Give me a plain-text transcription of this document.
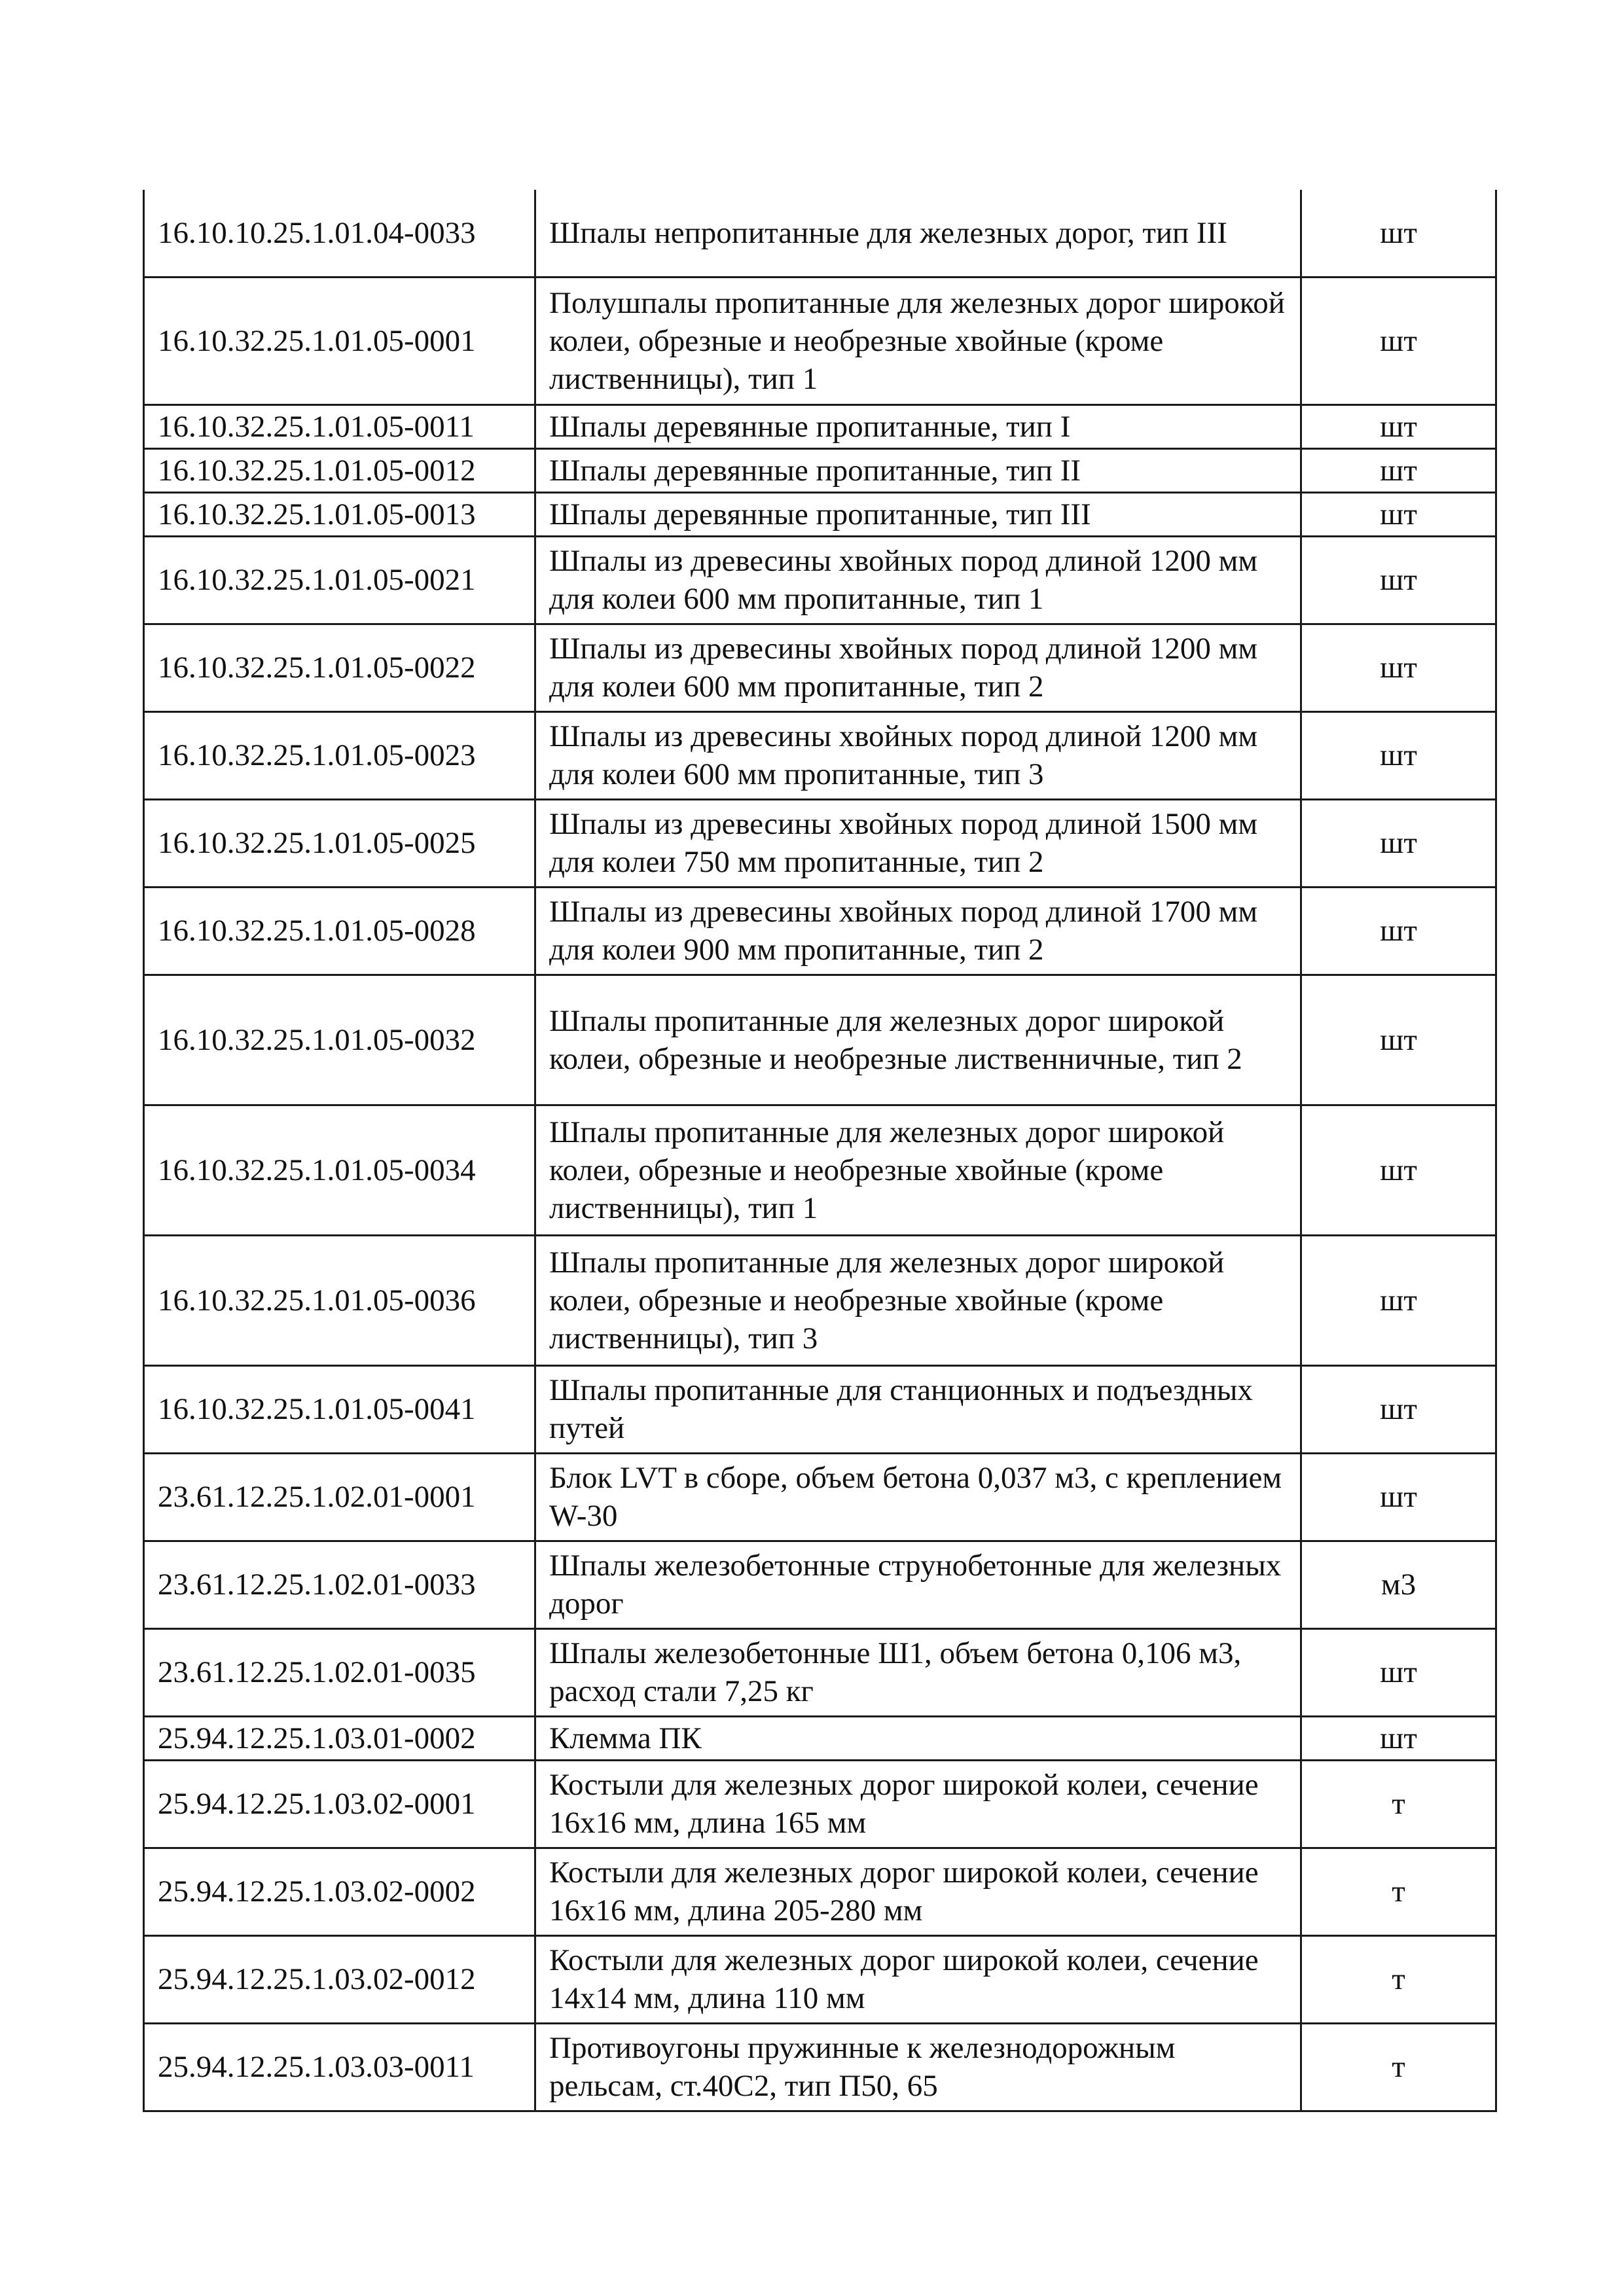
16.10.10.25.1.01.04-0033	Шпалы непропитанные для железных дорог, тип III	шт
16.10.32.25.1.01.05-0001	Полушпалы пропитанные для железных дорог широкой колеи, обрезные и необрезные хвойные (кроме лиственницы), тип 1	шт
16.10.32.25.1.01.05-0011	Шпалы деревянные пропитанные, тип I	шт
16.10.32.25.1.01.05-0012	Шпалы деревянные пропитанные, тип II	шт
16.10.32.25.1.01.05-0013	Шпалы деревянные пропитанные, тип III	шт
16.10.32.25.1.01.05-0021	Шпалы из древесины хвойных пород длиной 1200 мм для колеи 600 мм пропитанные, тип 1	шт
16.10.32.25.1.01.05-0022	Шпалы из древесины хвойных пород длиной 1200 мм для колеи 600 мм пропитанные, тип 2	шт
16.10.32.25.1.01.05-0023	Шпалы из древесины хвойных пород длиной 1200 мм для колеи 600 мм пропитанные, тип 3	шт
16.10.32.25.1.01.05-0025	Шпалы из древесины хвойных пород длиной 1500 мм для колеи 750 мм пропитанные, тип 2	шт
16.10.32.25.1.01.05-0028	Шпалы из древесины хвойных пород длиной 1700 мм для колеи 900 мм пропитанные, тип 2	шт
16.10.32.25.1.01.05-0032	Шпалы пропитанные для железных дорог широкой колеи, обрезные и необрезные лиственничные, тип 2	шт
16.10.32.25.1.01.05-0034	Шпалы пропитанные для железных дорог широкой колеи, обрезные и необрезные хвойные (кроме лиственницы), тип 1	шт
16.10.32.25.1.01.05-0036	Шпалы пропитанные для железных дорог широкой колеи, обрезные и необрезные хвойные (кроме лиственницы), тип 3	шт
16.10.32.25.1.01.05-0041	Шпалы пропитанные для станционных и подъездных путей	шт
23.61.12.25.1.02.01-0001	Блок LVT в сборе, объем бетона 0,037 м3, с креплением W-30	шт
23.61.12.25.1.02.01-0033	Шпалы железобетонные струнобетонные для железных дорог	м3
23.61.12.25.1.02.01-0035	Шпалы железобетонные Ш1, объем бетона 0,106 м3, расход стали 7,25 кг	шт
25.94.12.25.1.03.01-0002	Клемма ПК	шт
25.94.12.25.1.03.02-0001	Костыли для железных дорог широкой колеи, сечение 16х16 мм, длина 165 мм	т
25.94.12.25.1.03.02-0002	Костыли для железных дорог широкой колеи, сечение 16х16 мм, длина 205-280 мм	т
25.94.12.25.1.03.02-0012	Костыли для железных дорог широкой колеи, сечение 14х14 мм, длина 110 мм	т
25.94.12.25.1.03.03-0011	Противоугоны пружинные к железнодорожным рельсам, ст.40С2, тип П50, 65	т
